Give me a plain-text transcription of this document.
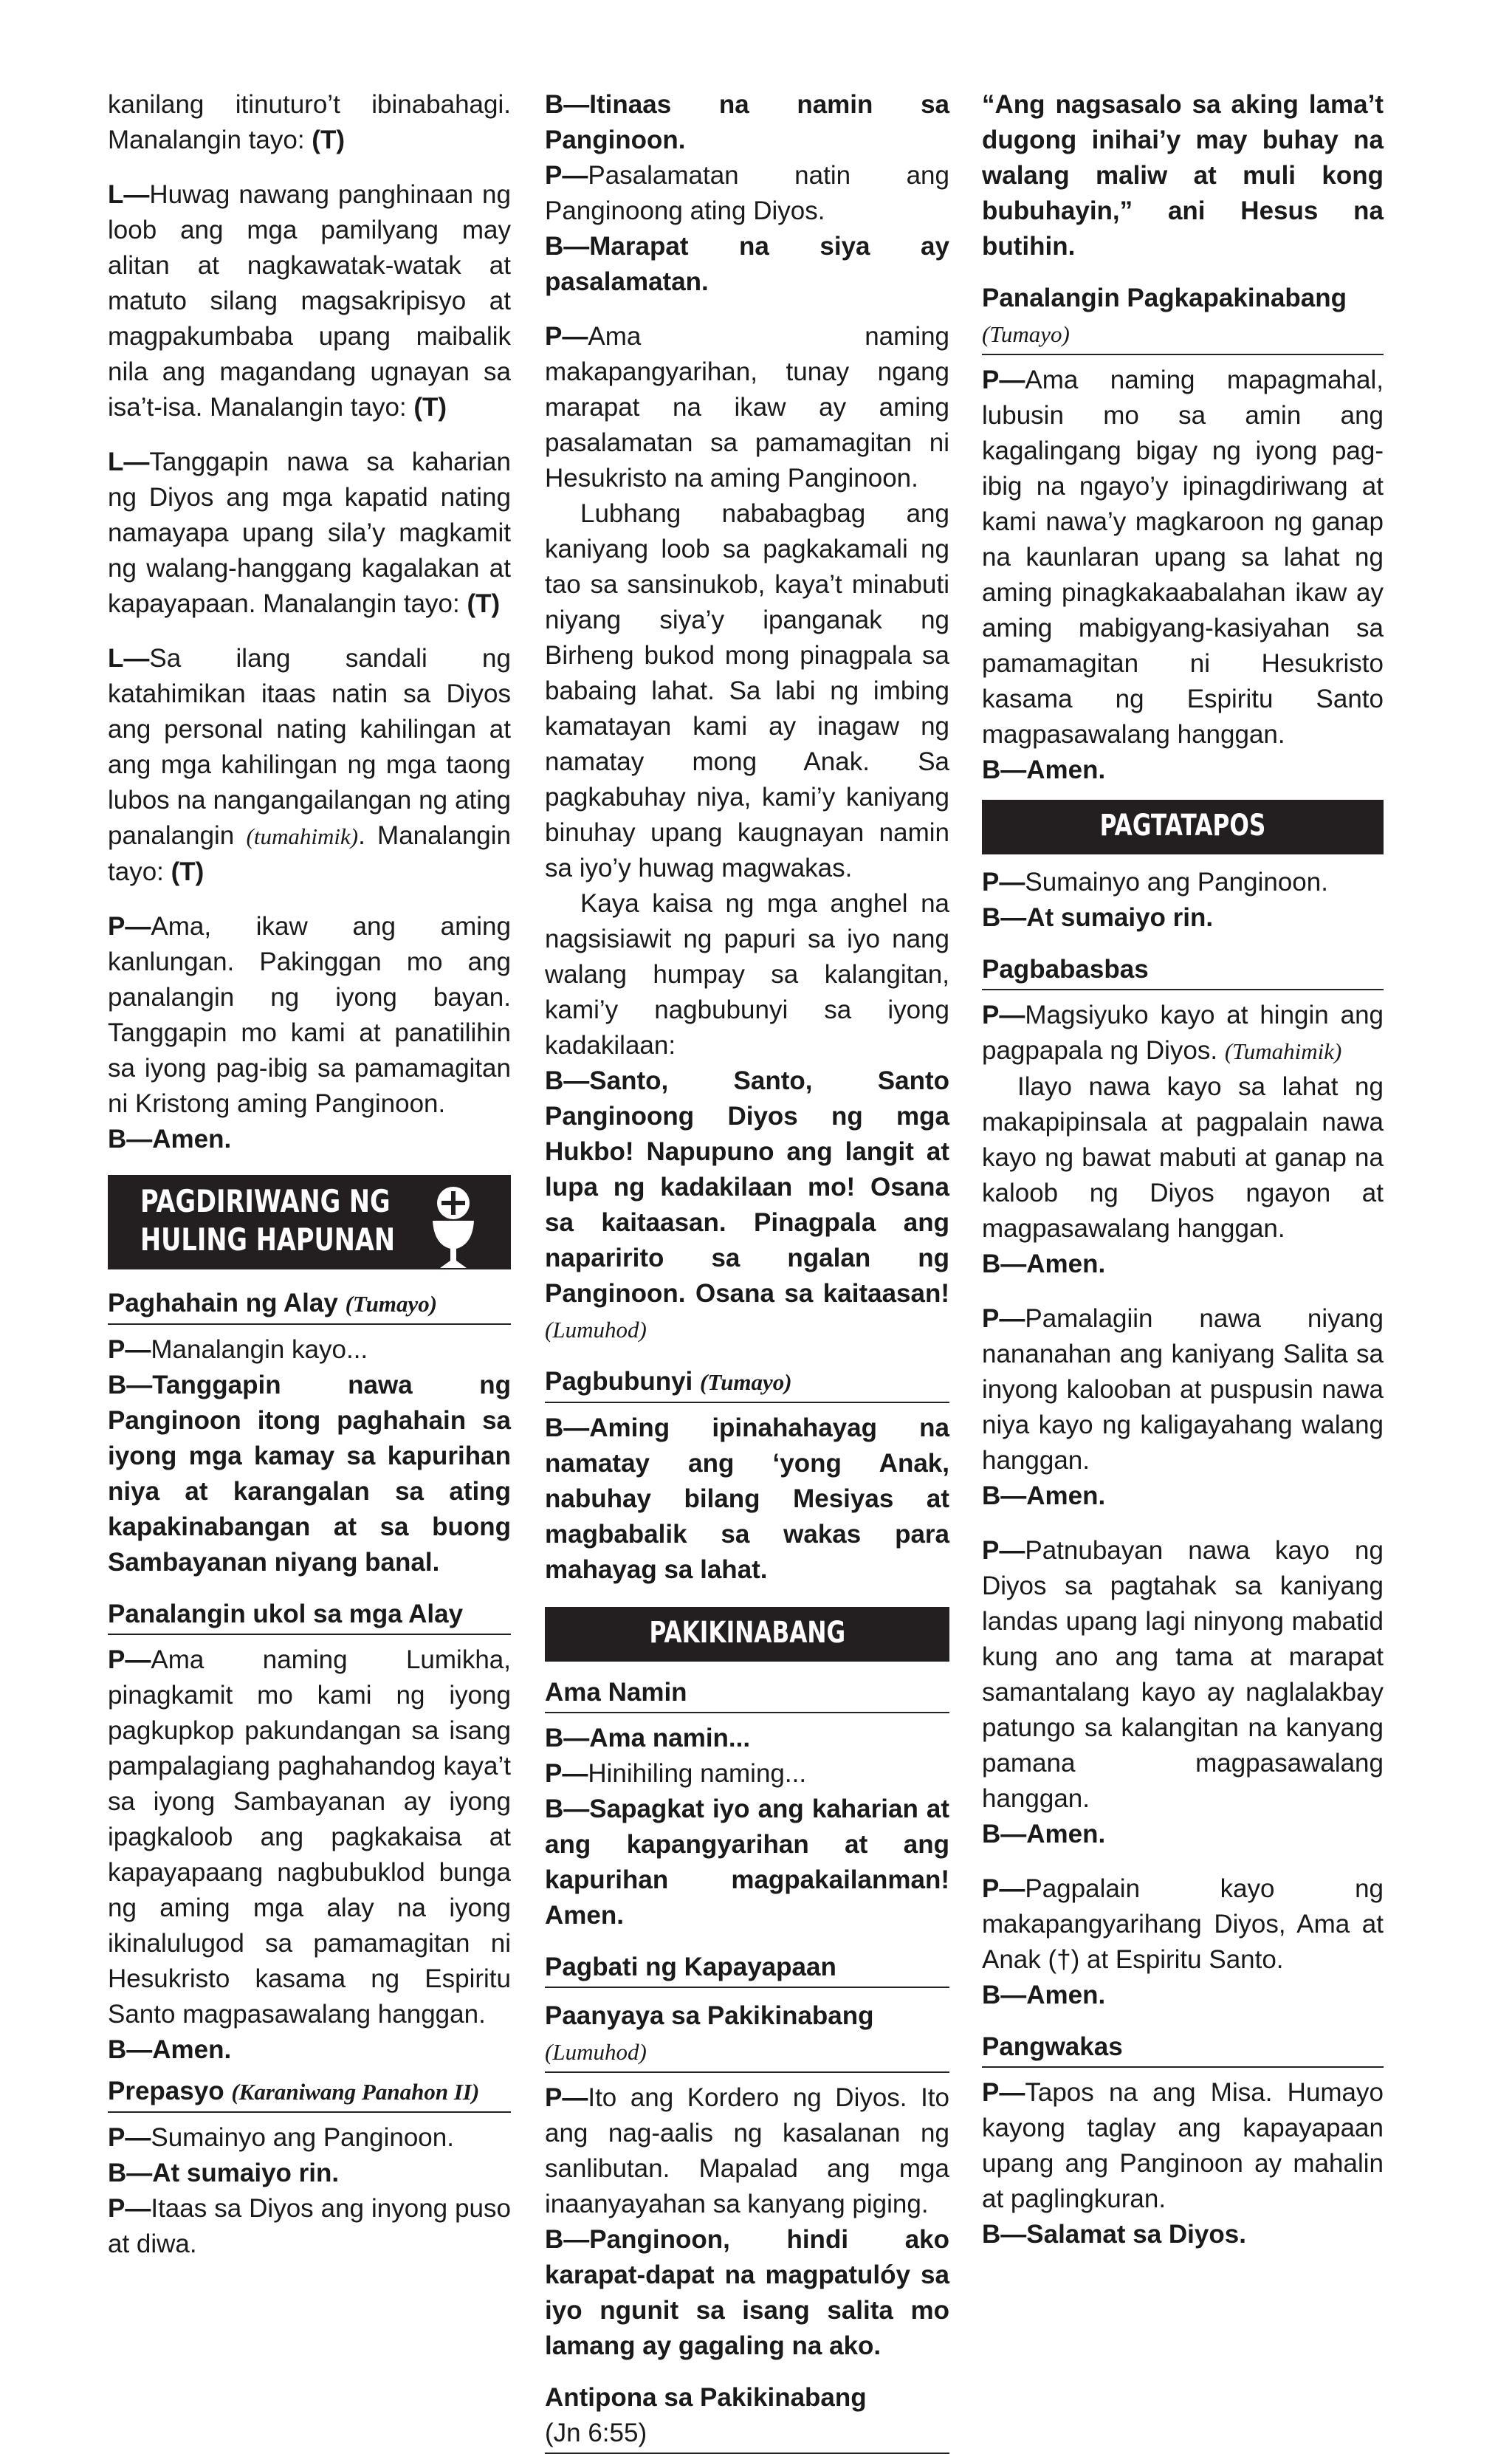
kanilang itinuturo’t ibinabahagi. Manalangin tayo: (T)

L—Huwag nawang panghinaan ng loob ang mga pamilyang may alitan at nagkawatak-watak at matuto silang magsakripisyo at magpakumbaba upang maibalik nila ang magandang ugnayan sa isa’t-isa. Manalangin tayo: (T)

L—Tanggapin nawa sa kaharian ng Diyos ang mga kapatid nating namayapa upang sila’y magkamit ng walang-hanggang kagalakan at kapayapaan. Manalangin tayo: (T)

L—Sa ilang sandali ng katahimikan itaas natin sa Diyos ang personal nating kahilingan at ang mga kahilingan ng mga taong lubos na nangangailangan ng ating panalangin (tumahimik). Manalangin tayo: (T)

P—Ama, ikaw ang aming kanlungan. Pakinggan mo ang panalangin ng iyong bayan. Tanggapin mo kami at panatilihin sa iyong pag-ibig sa pamamagitan ni Kristong aming Panginoon.

B—Amen.

PAGDIRIWANG NG
HULING HAPUNAN
Paghahain ng Alay (Tumayo)

P—Manalangin kayo...

B—Tanggapin nawa ng Panginoon itong paghahain sa iyong mga kamay sa kapurihan niya at karangalan sa ating kapakinabangan at sa buong Sambayanan niyang banal.

Panalangin ukol sa mga Alay

P—Ama naming Lumikha, pinagkamit mo kami ng iyong pagkupkop pakundangan sa isang pampalagiang paghahandog kaya’t sa iyong Sambayanan ay iyong ipagkaloob ang pagkakaisa at kapayapaang nagbubuklod bunga ng aming mga alay na iyong ikinalulugod sa pamamagitan ni Hesukristo kasama ng Espiritu Santo magpasawalang hanggan.

B—Amen.

Prepasyo (Karaniwang Panahon II)

P—Sumainyo ang Panginoon.

B—At sumaiyo rin.

P—Itaas sa Diyos ang inyong puso at diwa.

B—Itinaas na namin sa Panginoon.

P—Pasalamatan natin ang Panginoong ating Diyos.

B—Marapat na siya ay pasalamatan.

P—Ama naming makapangyarihan, tunay ngang marapat na ikaw ay aming pasalamatan sa pamamagitan ni Hesukristo na aming Panginoon.

Lubhang nababagbag ang kaniyang loob sa pagkakamali ng tao sa sansinukob, kaya’t minabuti niyang siya’y ipanganak ng Birheng bukod mong pinagpala sa babaing lahat. Sa labi ng imbing kamatayan kami ay inagaw ng namatay mong Anak. Sa pagkabuhay niya, kami’y kaniyang binuhay upang kaugnayan namin sa iyo’y huwag magwakas.

Kaya kaisa ng mga anghel na nagsisiawit ng papuri sa iyo nang walang humpay sa kalangitan, kami’y nagbubunyi sa iyong kadakilaan:

B—Santo, Santo, Santo Panginoong Diyos ng mga Hukbo! Napupuno ang langit at lupa ng kadakilaan mo! Osana sa kaitaasan. Pinagpala ang naparirito sa ngalan ng Panginoon. Osana sa kaitaasan! (Lumuhod)

Pagbubunyi (Tumayo)

B—Aming ipinahahayag na namatay ang ‘yong Anak, nabuhay bilang Mesiyas at magbabalik sa wakas para mahayag sa lahat.

PAKIKINABANG
Ama Namin

B—Ama namin...

P—Hinihiling naming...

B—Sapagkat iyo ang kaharian at ang kapangyarihan at ang kapurihan magpakailanman! Amen.

Pagbati ng Kapayapaan
Paanyaya sa Pakikinabang
(Lumuhod)

P—Ito ang Kordero ng Diyos. Ito ang nag-aalis ng kasalanan ng sanlibutan. Mapalad ang mga inaanyayahan sa kanyang piging.

B—Panginoon, hindi ako karapat-dapat na magpatulóy sa iyo ngunit sa isang salita mo lamang ay gagaling na ako.

Antipona sa Pakikinabang
(Jn 6:55)

“Ang nagsasalo sa aking lama’t dugong inihai’y may buhay na walang maliw at muli kong bubuhayin,” ani Hesus na butihin.

Panalangin Pagkapakinabang
(Tumayo)

P—Ama naming mapagmahal, lubusin mo sa amin ang kagalingang bigay ng iyong pag-ibig na ngayo’y ipinagdiriwang at kami nawa’y magkaroon ng ganap na kaunlaran upang sa lahat ng aming pinagkakaabalahan ikaw ay aming mabigyang-kasiyahan sa pamamagitan ni Hesukristo kasama ng Espiritu Santo magpasawalang hanggan.

B—Amen.

PAGTATAPOS

P—Sumainyo ang Panginoon.

B—At sumaiyo rin.

Pagbabasbas

P—Magsiyuko kayo at hingin ang pagpapala ng Diyos. (Tumahimik)

Ilayo nawa kayo sa lahat ng makapipinsala at pagpalain nawa kayo ng bawat mabuti at ganap na kaloob ng Diyos ngayon at magpasawalang hanggan.

B—Amen.

P—Pamalagiin nawa niyang nananahan ang kaniyang Salita sa inyong kalooban at puspusin nawa niya kayo ng kaligayahang walang hanggan.

B—Amen.

P—Patnubayan nawa kayo ng Diyos sa pagtahak sa kaniyang landas upang lagi ninyong mabatid kung ano ang tama at marapat samantalang kayo ay naglalakbay patungo sa kalangitan na kanyang pamana magpasawalang hanggan.

B—Amen.

P—Pagpalain kayo ng makapangyarihang Diyos, Ama at Anak (†) at Espiritu Santo.

B—Amen.

Pangwakas

P—Tapos na ang Misa. Humayo kayong taglay ang kapayapaan upang ang Panginoon ay mahalin at paglingkuran.

B—Salamat sa Diyos.
